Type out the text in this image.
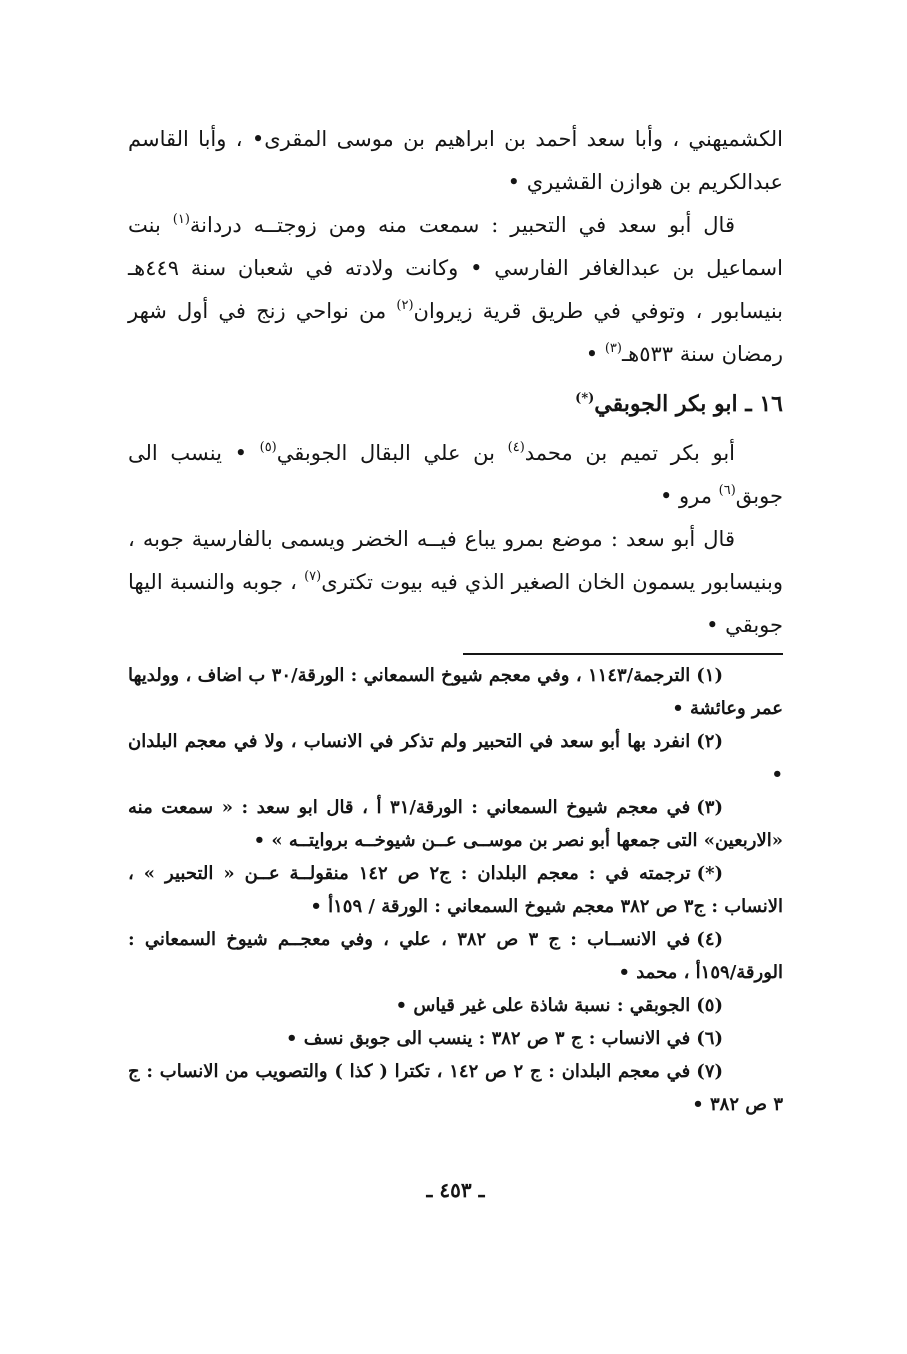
الكشميهني ، وأبا سعد أحمد بن ابراهيم بن موسى المقرى• ، وأبا القاسم عبدالكريم بن هوازن القشيري •

قال أبو سعد في التحبير : سمعت منه ومن زوجتــه دردانة$^{(١)}$ بنت اسماعيل بن عبدالغافر الفارسي • وكانت ولادته في شعبان سنة ٤٤٩هـ بنيسابور ، وتوفي في طريق قرية زيروان$^{(٢)}$ من نواحي زنج في أول شهر رمضان سنة ٥٣٣هـ$^{(٣)}$ •

١٦ ـ ابو بكر الجوبقي(*)

أبو بكر تميم بن محمد$^{(٤)}$ بن علي البقال الجوبقي$^{(٥)}$ • ينسب الى جوبق$^{(٦)}$ مرو •

قال أبو سعد : موضع بمرو يباع فيــه الخضر ويسمى بالفارسية جوبه ، وبنيسابور يسمون الخان الصغير الذي فيه بيوت تكترى$^{(٧)}$ ، جوبه والنسبة اليها جوبقي •

(١)الترجمة/١١٤٣ ، وفي معجم شيوخ السمعاني : الورقة/٣٠ ب اضاف ، وولديها عمر وعائشة •

(٢)انفرد بها أبو سعد في التحبير ولم تذكر في الانساب ، ولا في معجم البلدان •

(٣)في معجم شيوخ السمعاني : الورقة/٣١ أ ، قال ابو سعد : « سمعت منه «الاربعين» التى جمعها أبو نصر بن موســى عــن شيوخــه بروايتــه » •

(*)ترجمته في : معجم البلدان : ج٢ ص ١٤٢ منقولــة عــن « التحبير » ، الانساب : ج٣ ص ٣٨٢ معجم شيوخ السمعاني : الورقة / ١٥٩أ •

(٤)في الانســاب : ج ٣ ص ٣٨٢ ، علي ، وفي معجــم شيوخ السمعاني : الورقة/١٥٩أ ، محمد •

(٥)الجوبقي : نسبة شاذة على غير قياس •

(٦)في الانساب : ج ٣ ص ٣٨٢ : ينسب الى جوبق نسف •

(٧)في معجم البلدان : ج ٢ ص ١٤٢ ، تكترا ( كذا ) والتصويب من الانساب : ج ٣ ص ٣٨٢ •

ـ ٤٥٣ ـ
